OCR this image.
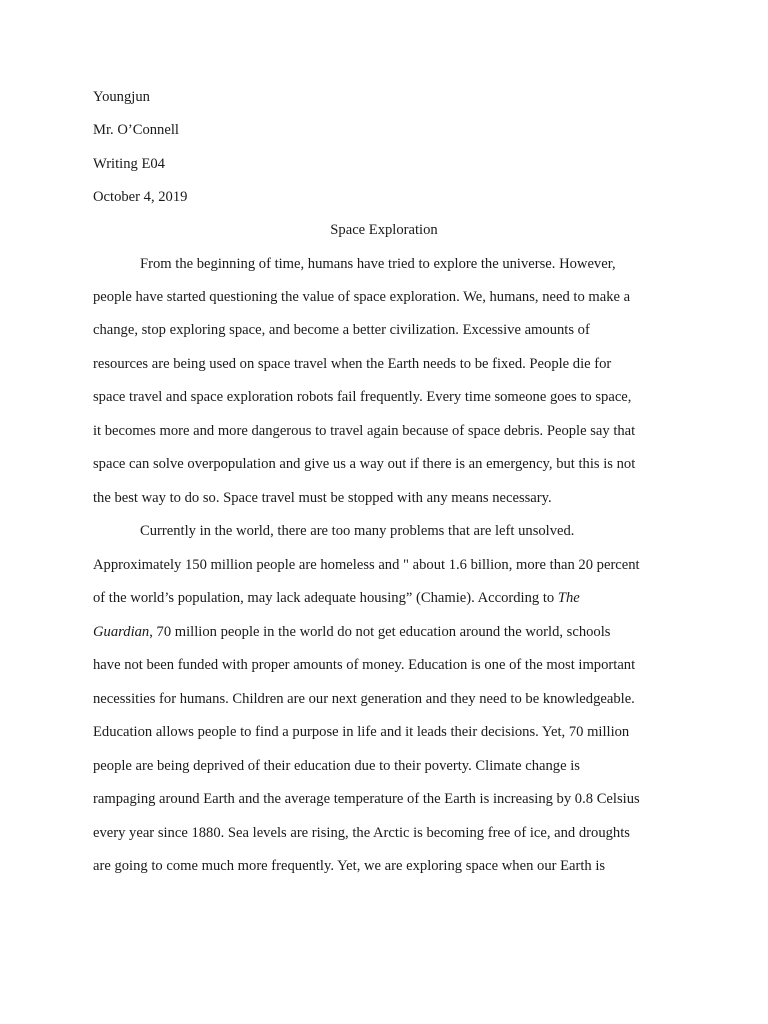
Youngjun
Mr. O’Connell
Writing E04
October 4, 2019
Space Exploration
From the beginning of time, humans have tried to explore the universe. However,
people have started questioning the value of space exploration. We, humans, need to make a
change, stop exploring space, and become a better civilization. Excessive amounts of
resources are being used on space travel when the Earth needs to be fixed. People die for
space travel and space exploration robots fail frequently. Every time someone goes to space,
it becomes more and more dangerous to travel again because of space debris. People say that
space can solve overpopulation and give us a way out if there is an emergency, but this is not
the best way to do so. Space travel must be stopped with any means necessary.
Currently in the world, there are too many problems that are left unsolved.
Approximately 150 million people are homeless and " about 1.6 billion, more than 20 percent
of the world’s population, may lack adequate housing” (Chamie). According to The
Guardian, 70 million people in the world do not get education around the world, schools
have not been funded with proper amounts of money. Education is one of the most important
necessities for humans. Children are our next generation and they need to be knowledgeable.
Education allows people to find a purpose in life and it leads their decisions. Yet, 70 million
people are being deprived of their education due to their poverty. Climate change is
rampaging around Earth and the average temperature of the Earth is increasing by 0.8 Celsius
every year since 1880. Sea levels are rising, the Arctic is becoming free of ice, and droughts
are going to come much more frequently. Yet, we are exploring space when our Earth is
